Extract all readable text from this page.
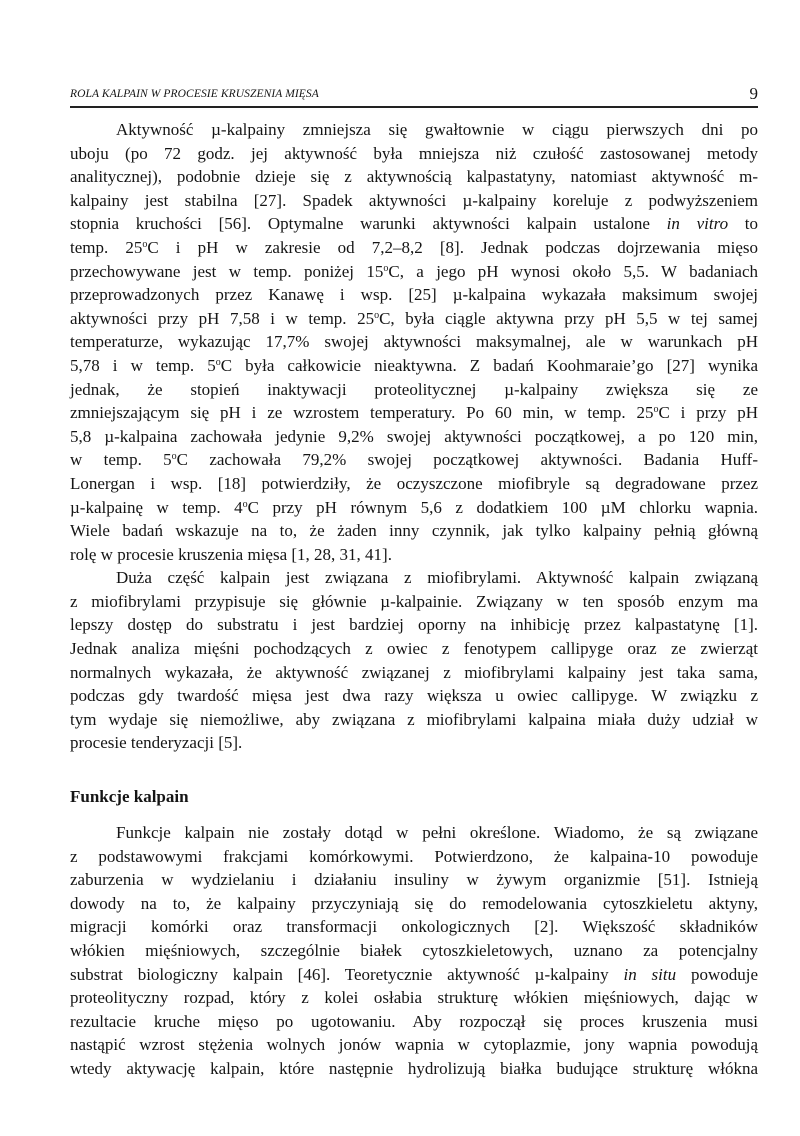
ROLA KALPAIN W PROCESIE KRUSZENIA MIĘSA	9
Aktywność µ-kalpainy zmniejsza się gwałtownie w ciągu pierwszych dni po
uboju (po 72 godz. jej aktywność była mniejsza niż czułość zastosowanej metody
analitycznej), podobnie dzieje się z aktywnością kalpastatyny, natomiast aktywność m-
kalpainy jest stabilna [27]. Spadek aktywności µ-kalpainy koreluje z podwyższeniem
stopnia kruchości [56]. Optymalne warunki aktywności kalpain ustalone in vitro to
temp. 25$^o$C i pH w zakresie od 7,2–8,2 [8]. Jednak podczas dojrzewania mięso
przechowywane jest w temp. poniżej 15$^o$C, a jego pH wynosi około 5,5. W badaniach
przeprowadzonych przez Kanawę i wsp. [25] µ-kalpaina wykazała maksimum swojej
aktywności przy pH 7,58 i w temp. 25$^o$C, była ciągle aktywna przy pH 5,5 w tej samej
temperaturze, wykazując 17,7% swojej aktywności maksymalnej, ale w warunkach pH
5,78 i w temp. 5$^o$C była całkowicie nieaktywna. Z badań Koohmaraie’go [27] wynika
jednak, że stopień inaktywacji proteolitycznej µ-kalpainy zwiększa się ze
zmniejszającym się pH i ze wzrostem temperatury. Po 60 min, w temp. 25$^o$C i przy pH
5,8 µ-kalpaina zachowała jedynie 9,2% swojej aktywności początkowej, a po 120 min,
w temp. 5$^o$C zachowała 79,2% swojej początkowej aktywności. Badania Huff-
Lonergan i wsp. [18] potwierdziły, że oczyszczone miofibryle są degradowane przez
µ-kalpainę w temp. 4$^o$C przy pH równym 5,6 z dodatkiem 100 µM chlorku wapnia.
Wiele badań wskazuje na to, że żaden inny czynnik, jak tylko kalpainy pełnią główną
rolę w procesie kruszenia mięsa [1, 28, 31, 41].
Duża część kalpain jest związana z miofibrylami. Aktywność kalpain związaną
z miofibrylami przypisuje się głównie µ-kalpainie. Związany w ten sposób enzym ma
lepszy dostęp do substratu i jest bardziej oporny na inhibicję przez kalpastatynę [1].
Jednak analiza mięśni pochodzących z owiec z fenotypem callipyge oraz ze zwierząt
normalnych wykazała, że aktywność związanej z miofibrylami kalpainy jest taka sama,
podczas gdy twardość mięsa jest dwa razy większa u owiec callipyge. W związku z
tym wydaje się niemożliwe, aby związana z miofibrylami kalpaina miała duży udział w
procesie tenderyzacji [5].
Funkcje kalpain
Funkcje kalpain nie zostały dotąd w pełni określone. Wiadomo, że są związane
z podstawowymi frakcjami komórkowymi. Potwierdzono, że kalpaina-10 powoduje
zaburzenia w wydzielaniu i działaniu insuliny w żywym organizmie [51]. Istnieją
dowody na to, że kalpainy przyczyniają się do remodelowania cytoszkieletu aktyny,
migracji komórki oraz transformacji onkologicznych [2]. Większość składników
włókien mięśniowych, szczególnie białek cytoszkieletowych, uznano za potencjalny
substrat biologiczny kalpain [46]. Teoretycznie aktywność µ-kalpainy in situ powoduje
proteolityczny rozpad, który z kolei osłabia strukturę włókien mięśniowych, dając w
rezultacie kruche mięso po ugotowaniu. Aby rozpoczął się proces kruszenia musi
nastąpić wzrost stężenia wolnych jonów wapnia w cytoplazmie, jony wapnia powodują
wtedy aktywację kalpain, które następnie hydrolizują białka budujące strukturę włókna
